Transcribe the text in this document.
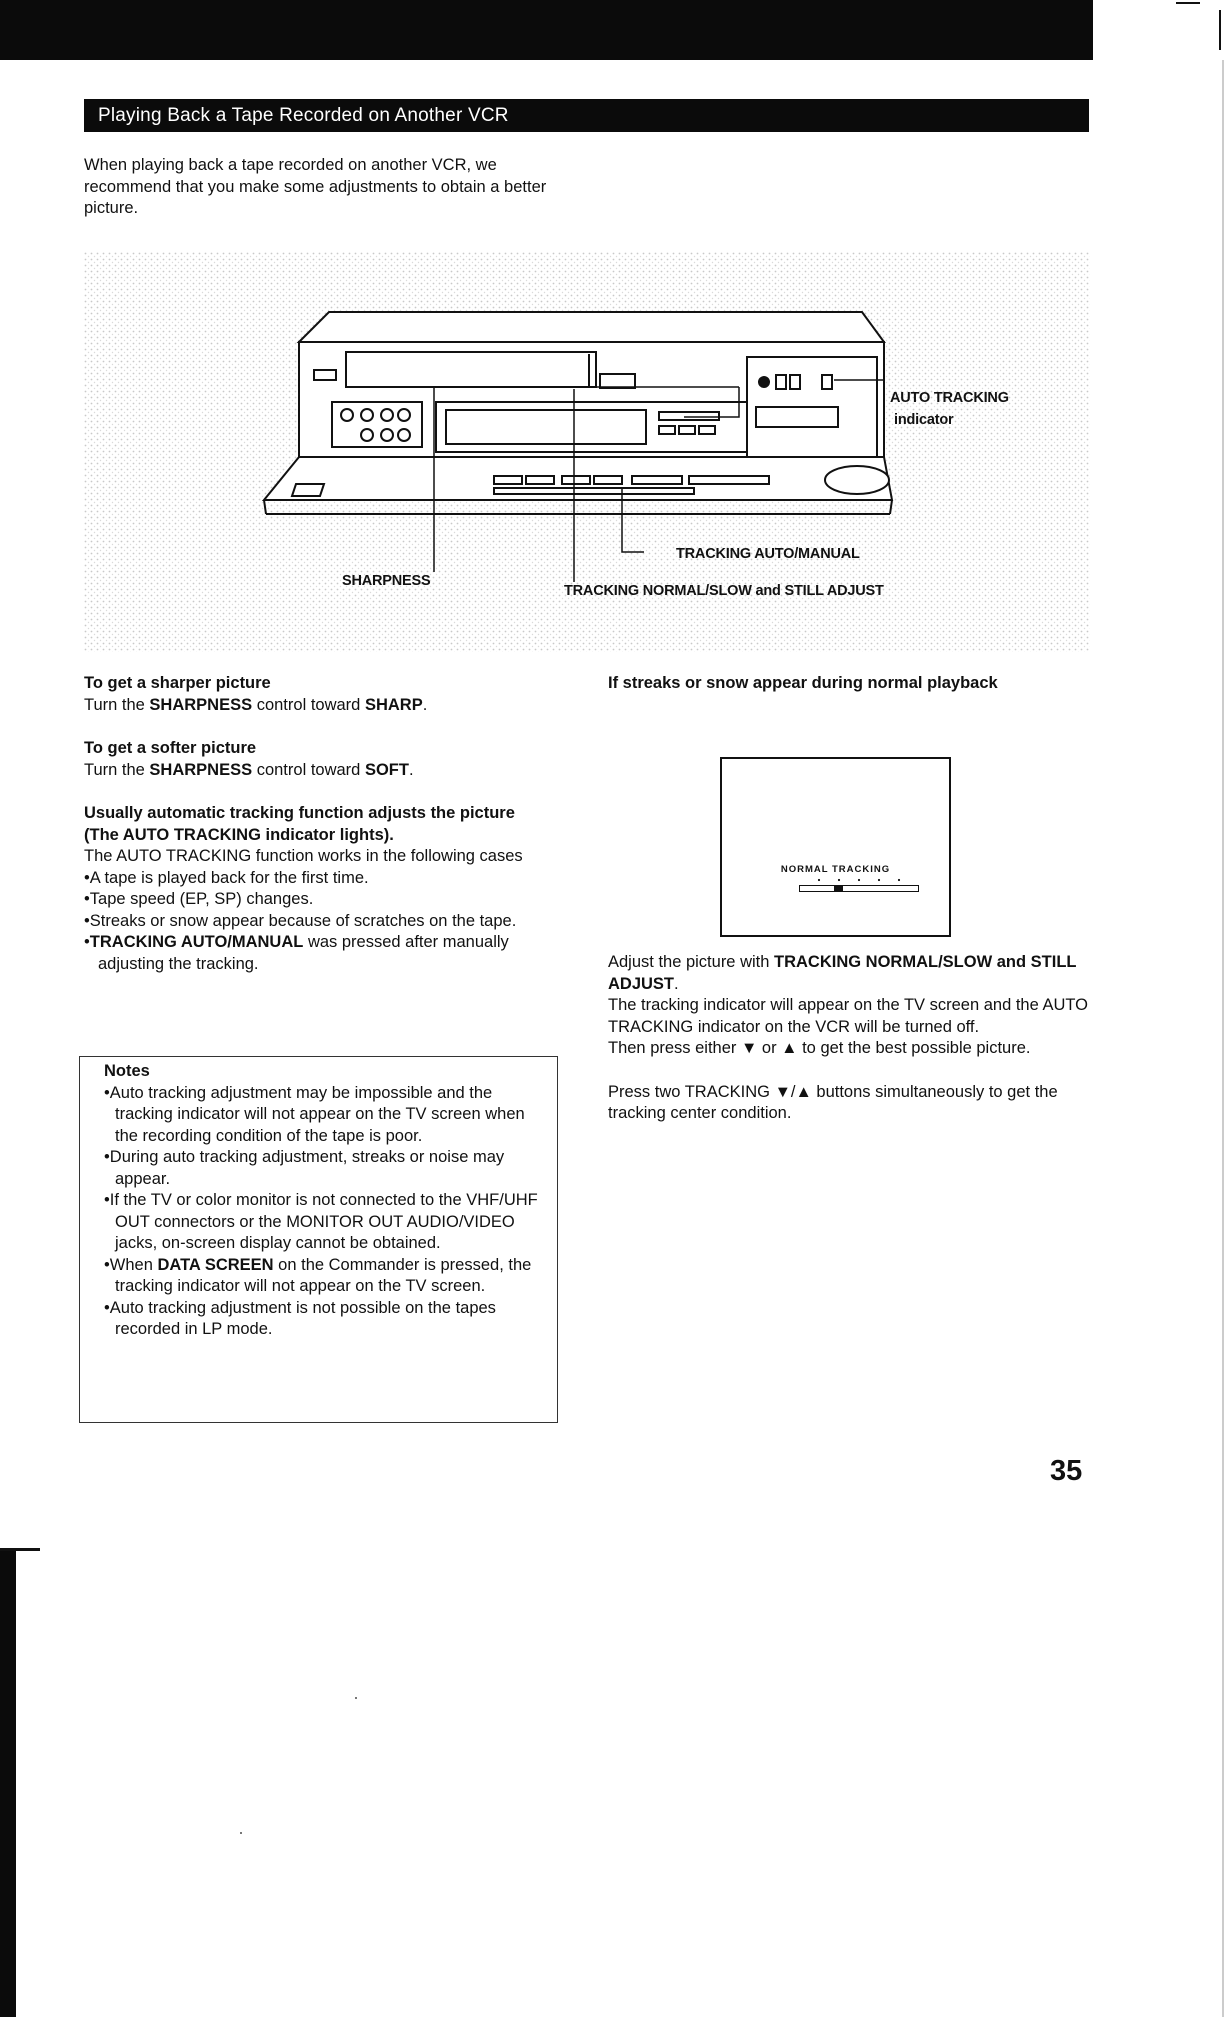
Playing Back a Tape Recorded on Another VCR

When playing back a tape recorded on another VCR, we recommend that you make some adjustments to obtain a better picture.

AUTO TRACKING
indicator
TRACKING AUTO/MANUAL
SHARPNESS
TRACKING NORMAL/SLOW and STILL ADJUST

To get a sharper picture

Turn the SHARPNESS control toward SHARP.

To get a softer picture

Turn the SHARPNESS control toward SOFT.

Usually automatic tracking function adjusts the picture

(The AUTO TRACKING indicator lights).

The AUTO TRACKING function works in the following cases

• A tape is played back for the first time.

• Tape speed (EP, SP) changes.

• Streaks or snow appear because of scratches on the tape.

• TRACKING AUTO/MANUAL was pressed after manually adjusting the tracking.

Notes

• Auto tracking adjustment may be impossible and the tracking indicator will not appear on the TV screen when the recording condition of the tape is poor.

• During auto tracking adjustment, streaks or noise may appear.

• If the TV or color monitor is not connected to the VHF/UHF OUT connectors or the MONITOR OUT AUDIO/VIDEO jacks, on-screen display cannot be obtained.

• When DATA SCREEN on the Commander is pressed, the tracking indicator will not appear on the TV screen.

• Auto tracking adjustment is not possible on the tapes recorded in LP mode.

If streaks or snow appear during normal playback

NORMAL TRACKING

Adjust the picture with TRACKING NORMAL/SLOW and STILL ADJUST.

The tracking indicator will appear on the TV screen and the AUTO TRACKING indicator on the VCR will be turned off.

Then press either ▼ or ▲ to get the best possible picture.

Press two TRACKING ▼/▲ buttons simultaneously to get the tracking center condition.

35
